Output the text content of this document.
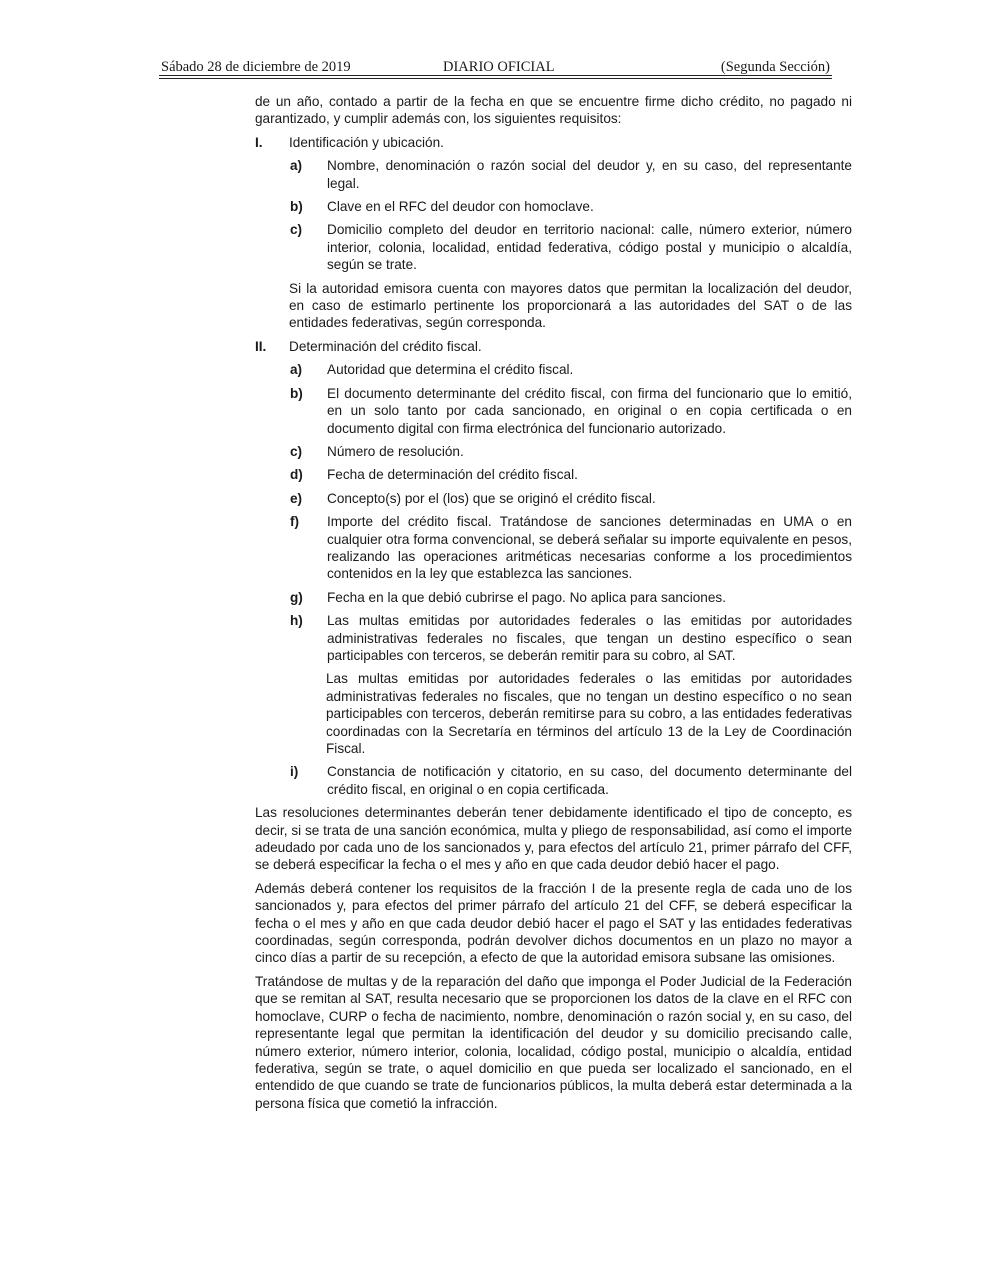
Sábado 28 de diciembre de 2019	DIARIO OFICIAL	(Segunda Sección)

de un año, contado a partir de la fecha en que se encuentre firme dicho crédito, no pagado ni garantizado, y cumplir además con, los siguientes requisitos:

I. Identificación y ubicación.
a) Nombre, denominación o razón social del deudor y, en su caso, del representante legal.
b) Clave en el RFC del deudor con homoclave.
c) Domicilio completo del deudor en territorio nacional: calle, número exterior, número interior, colonia, localidad, entidad federativa, código postal y municipio o alcaldía, según se trate.
Si la autoridad emisora cuenta con mayores datos que permitan la localización del deudor, en caso de estimarlo pertinente los proporcionará a las autoridades del SAT o de las entidades federativas, según corresponda.
II. Determinación del crédito fiscal.
a) Autoridad que determina el crédito fiscal.
b) El documento determinante del crédito fiscal, con firma del funcionario que lo emitió, en un solo tanto por cada sancionado, en original o en copia certificada o en documento digital con firma electrónica del funcionario autorizado.
c) Número de resolución.
d) Fecha de determinación del crédito fiscal.
e) Concepto(s) por el (los) que se originó el crédito fiscal.
f) Importe del crédito fiscal. Tratándose de sanciones determinadas en UMA o en cualquier otra forma convencional, se deberá señalar su importe equivalente en pesos, realizando las operaciones aritméticas necesarias conforme a los procedimientos contenidos en la ley que establezca las sanciones.
g) Fecha en la que debió cubrirse el pago. No aplica para sanciones.
h) Las multas emitidas por autoridades federales o las emitidas por autoridades administrativas federales no fiscales, que tengan un destino específico o sean participables con terceros, se deberán remitir para su cobro, al SAT.
Las multas emitidas por autoridades federales o las emitidas por autoridades administrativas federales no fiscales, que no tengan un destino específico o no sean participables con terceros, deberán remitirse para su cobro, a las entidades federativas coordinadas con la Secretaría en términos del artículo 13 de la Ley de Coordinación Fiscal.
i) Constancia de notificación y citatorio, en su caso, del documento determinante del crédito fiscal, en original o en copia certificada.

Las resoluciones determinantes deberán tener debidamente identificado el tipo de concepto, es decir, si se trata de una sanción económica, multa y pliego de responsabilidad, así como el importe adeudado por cada uno de los sancionados y, para efectos del artículo 21, primer párrafo del CFF, se deberá especificar la fecha o el mes y año en que cada deudor debió hacer el pago.

Además deberá contener los requisitos de la fracción I de la presente regla de cada uno de los sancionados y, para efectos del primer párrafo del artículo 21 del CFF, se deberá especificar la fecha o el mes y año en que cada deudor debió hacer el pago el SAT y las entidades federativas coordinadas, según corresponda, podrán devolver dichos documentos en un plazo no mayor a cinco días a partir de su recepción, a efecto de que la autoridad emisora subsane las omisiones.

Tratándose de multas y de la reparación del daño que imponga el Poder Judicial de la Federación que se remitan al SAT, resulta necesario que se proporcionen los datos de la clave en el RFC con homoclave, CURP o fecha de nacimiento, nombre, denominación o razón social y, en su caso, del representante legal que permitan la identificación del deudor y su domicilio precisando calle, número exterior, número interior, colonia, localidad, código postal, municipio o alcaldía, entidad federativa, según se trate, o aquel domicilio en que pueda ser localizado el sancionado, en el entendido de que cuando se trate de funcionarios públicos, la multa deberá estar determinada a la persona física que cometió la infracción.
